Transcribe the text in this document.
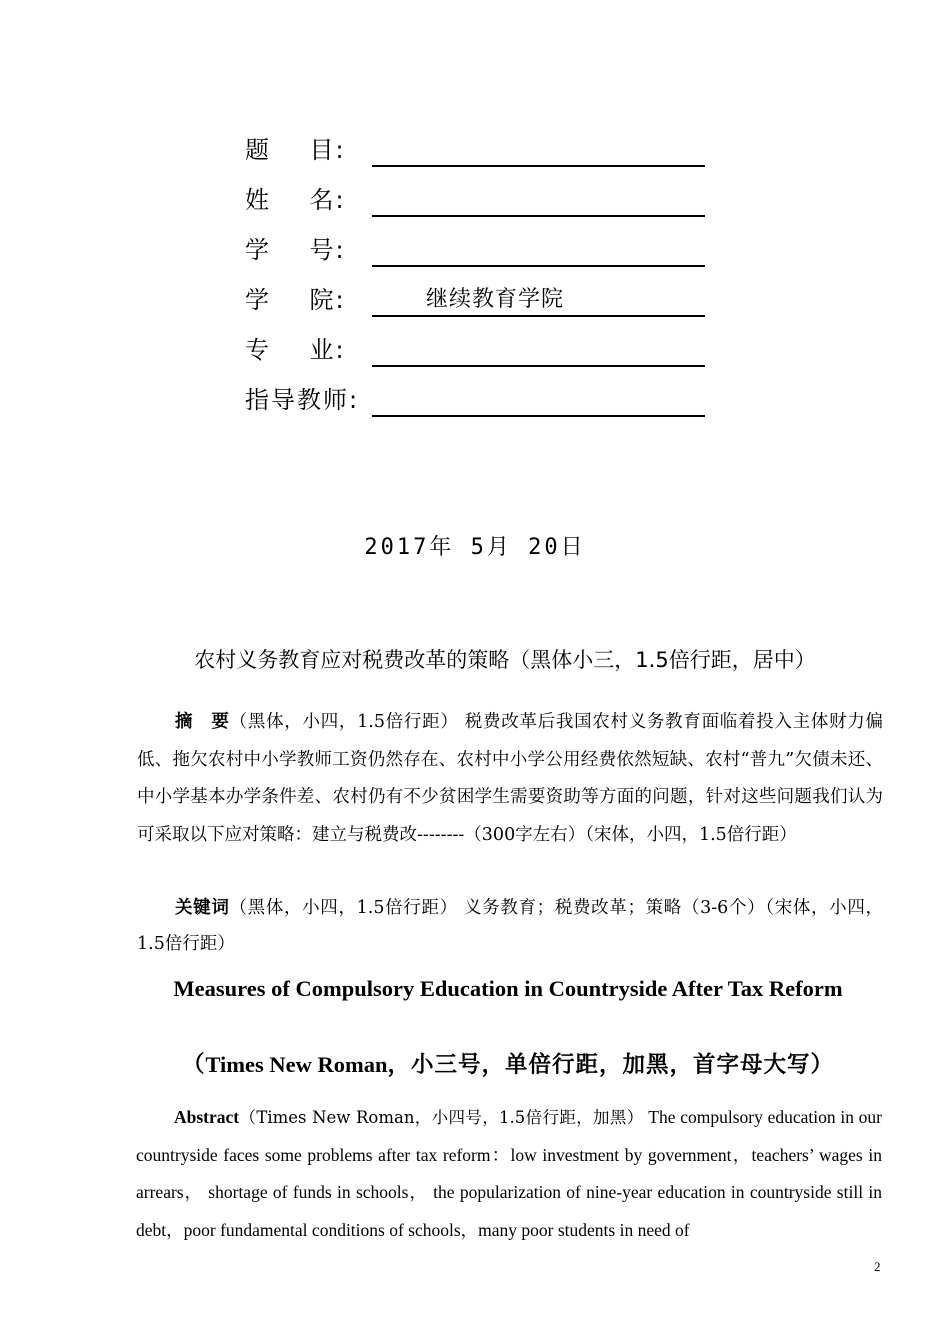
题    目:
姓    名:
学    号:
学    院:	继续教育学院
专    业:
指导教师:
2017年 5月 20日
农村义务教育应对税费改革的策略（黑体小三，1.5倍行距，居中）
摘　要（黑体，小四，1.5倍行距） 税费改革后我国农村义务教育面临着投入主体财力偏低、拖欠农村中小学教师工资仍然存在、农村中小学公用经费依然短缺、农村“普九”欠债未还、中小学基本办学条件差、农村仍有不少贫困学生需要资助等方面的问题，针对这些问题我们认为可采取以下应对策略：建立与税费改--------（300字左右）（宋体，小四，1.5倍行距）
关键词（黑体，小四，1.5倍行距） 义务教育；税费改革；策略（3-6个）（宋体，小四，1.5倍行距）
Measures of Compulsory Education in Countryside After Tax Reform
（Times New Roman，小三号，单倍行距，加黑，首字母大写）
Abstract（Times New Roman，小四号，1.5倍行距，加黑） The compulsory education in our countryside faces some problems after tax reform：low investment by government，teachers’ wages in arrears， shortage of funds in schools， the popularization of nine-year education in countryside still in debt，poor fundamental conditions of schools，many poor students in need of
2
